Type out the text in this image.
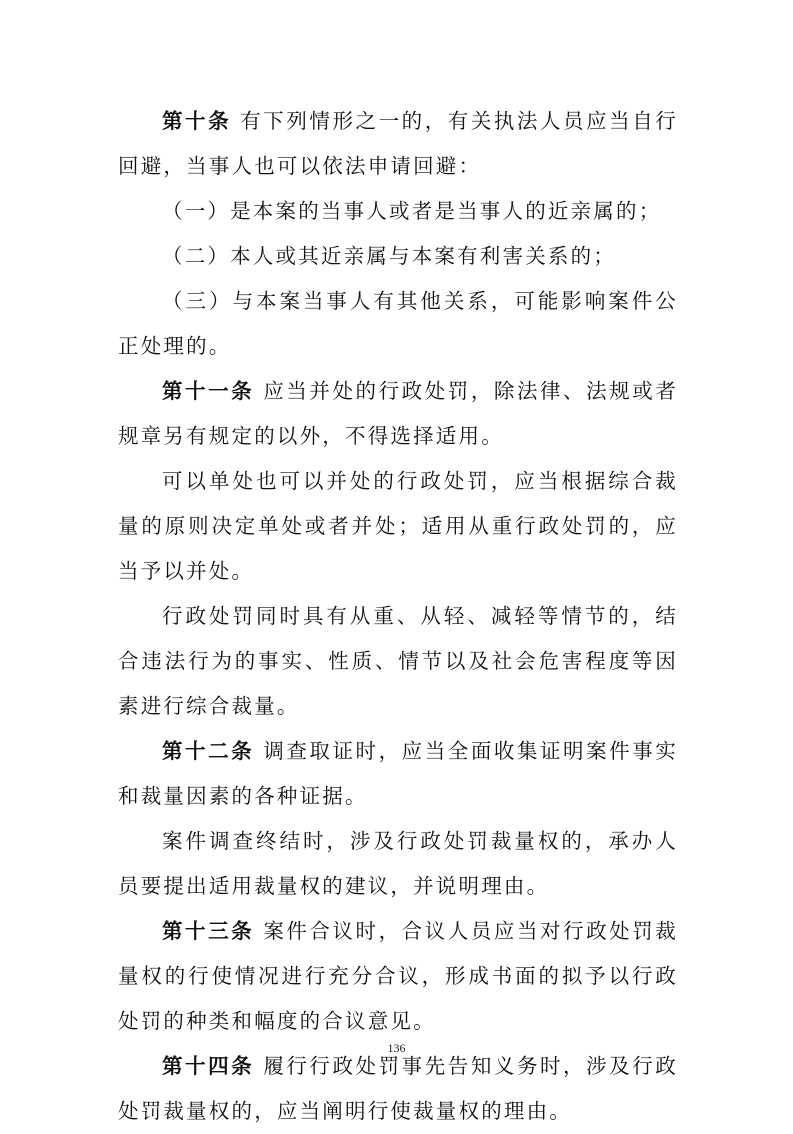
第十条 有下列情形之一的，有关执法人员应当自行回避，当事人也可以依法申请回避：

（一）是本案的当事人或者是当事人的近亲属的；

（二）本人或其近亲属与本案有利害关系的；

（三）与本案当事人有其他关系，可能影响案件公正处理的。

第十一条 应当并处的行政处罚，除法律、法规或者规章另有规定的以外，不得选择适用。

可以单处也可以并处的行政处罚，应当根据综合裁量的原则决定单处或者并处；适用从重行政处罚的，应当予以并处。

行政处罚同时具有从重、从轻、减轻等情节的，结合违法行为的事实、性质、情节以及社会危害程度等因素进行综合裁量。

第十二条 调查取证时，应当全面收集证明案件事实和裁量因素的各种证据。

案件调查终结时，涉及行政处罚裁量权的，承办人员要提出适用裁量权的建议，并说明理由。

第十三条 案件合议时，合议人员应当对行政处罚裁量权的行使情况进行充分合议，形成书面的拟予以行政处罚的种类和幅度的合议意见。

第十四条 履行行政处罚事先告知义务时，涉及行政处罚裁量权的，应当阐明行使裁量权的理由。

136
